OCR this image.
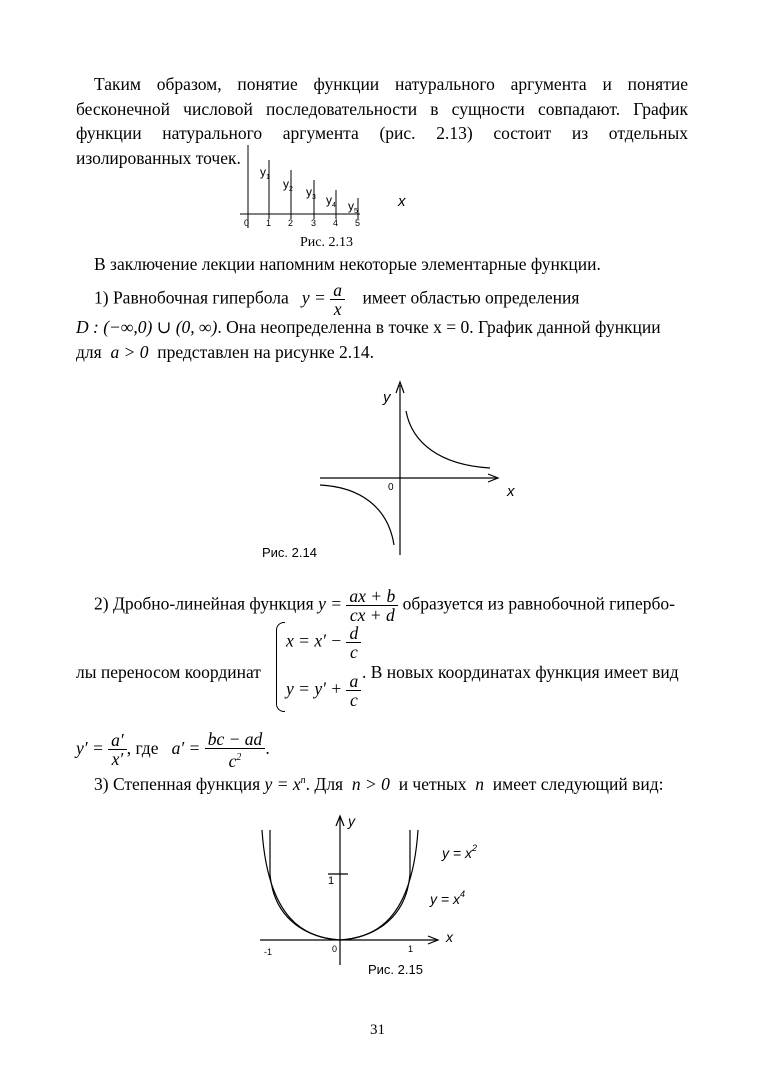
Таким образом, понятие функции натурального аргумента и понятие бесконечной числовой последовательности в сущности совпадают. График функции натурального аргумента (рис. 2.13) состоит из отдельных изолированных точек.
$y_1$ $y_2$ $y_3$ $y_4$ $y_5$
0 1 2 3 4 5
x
Рис. 2.13
В заключение лекции напомним некоторые элементарные функции.
1) Равнобочная гипербола $y = \frac{a}{x}$ имеет областью определения
D : (−∞,0) ∪ (0, ∞). Она неопределенна в точке x = 0. График данной функции
для a > 0 представлен на рисунке 2.14.
y
x
0
Рис. 2.14
2) Дробно-линейная функция $y = \frac{ax + b}{cx + d}$ образуется из равнобочной гипербо-
лы переносом координат
$x = x' - \frac{d}{c}$
$y = y' + \frac{a}{c}$ . В новых координатах функция имеет вид
$y' = \frac{a'}{x'}$ , где $a' = \frac{bc - ad}{c^2}$ .
3) Степенная функция $y = x^n$. Для n > 0 и четных n имеет следующий вид:
y
x
$y = x^2$
$y = x^4$
1
-1	0	1
Рис. 2.15
31
